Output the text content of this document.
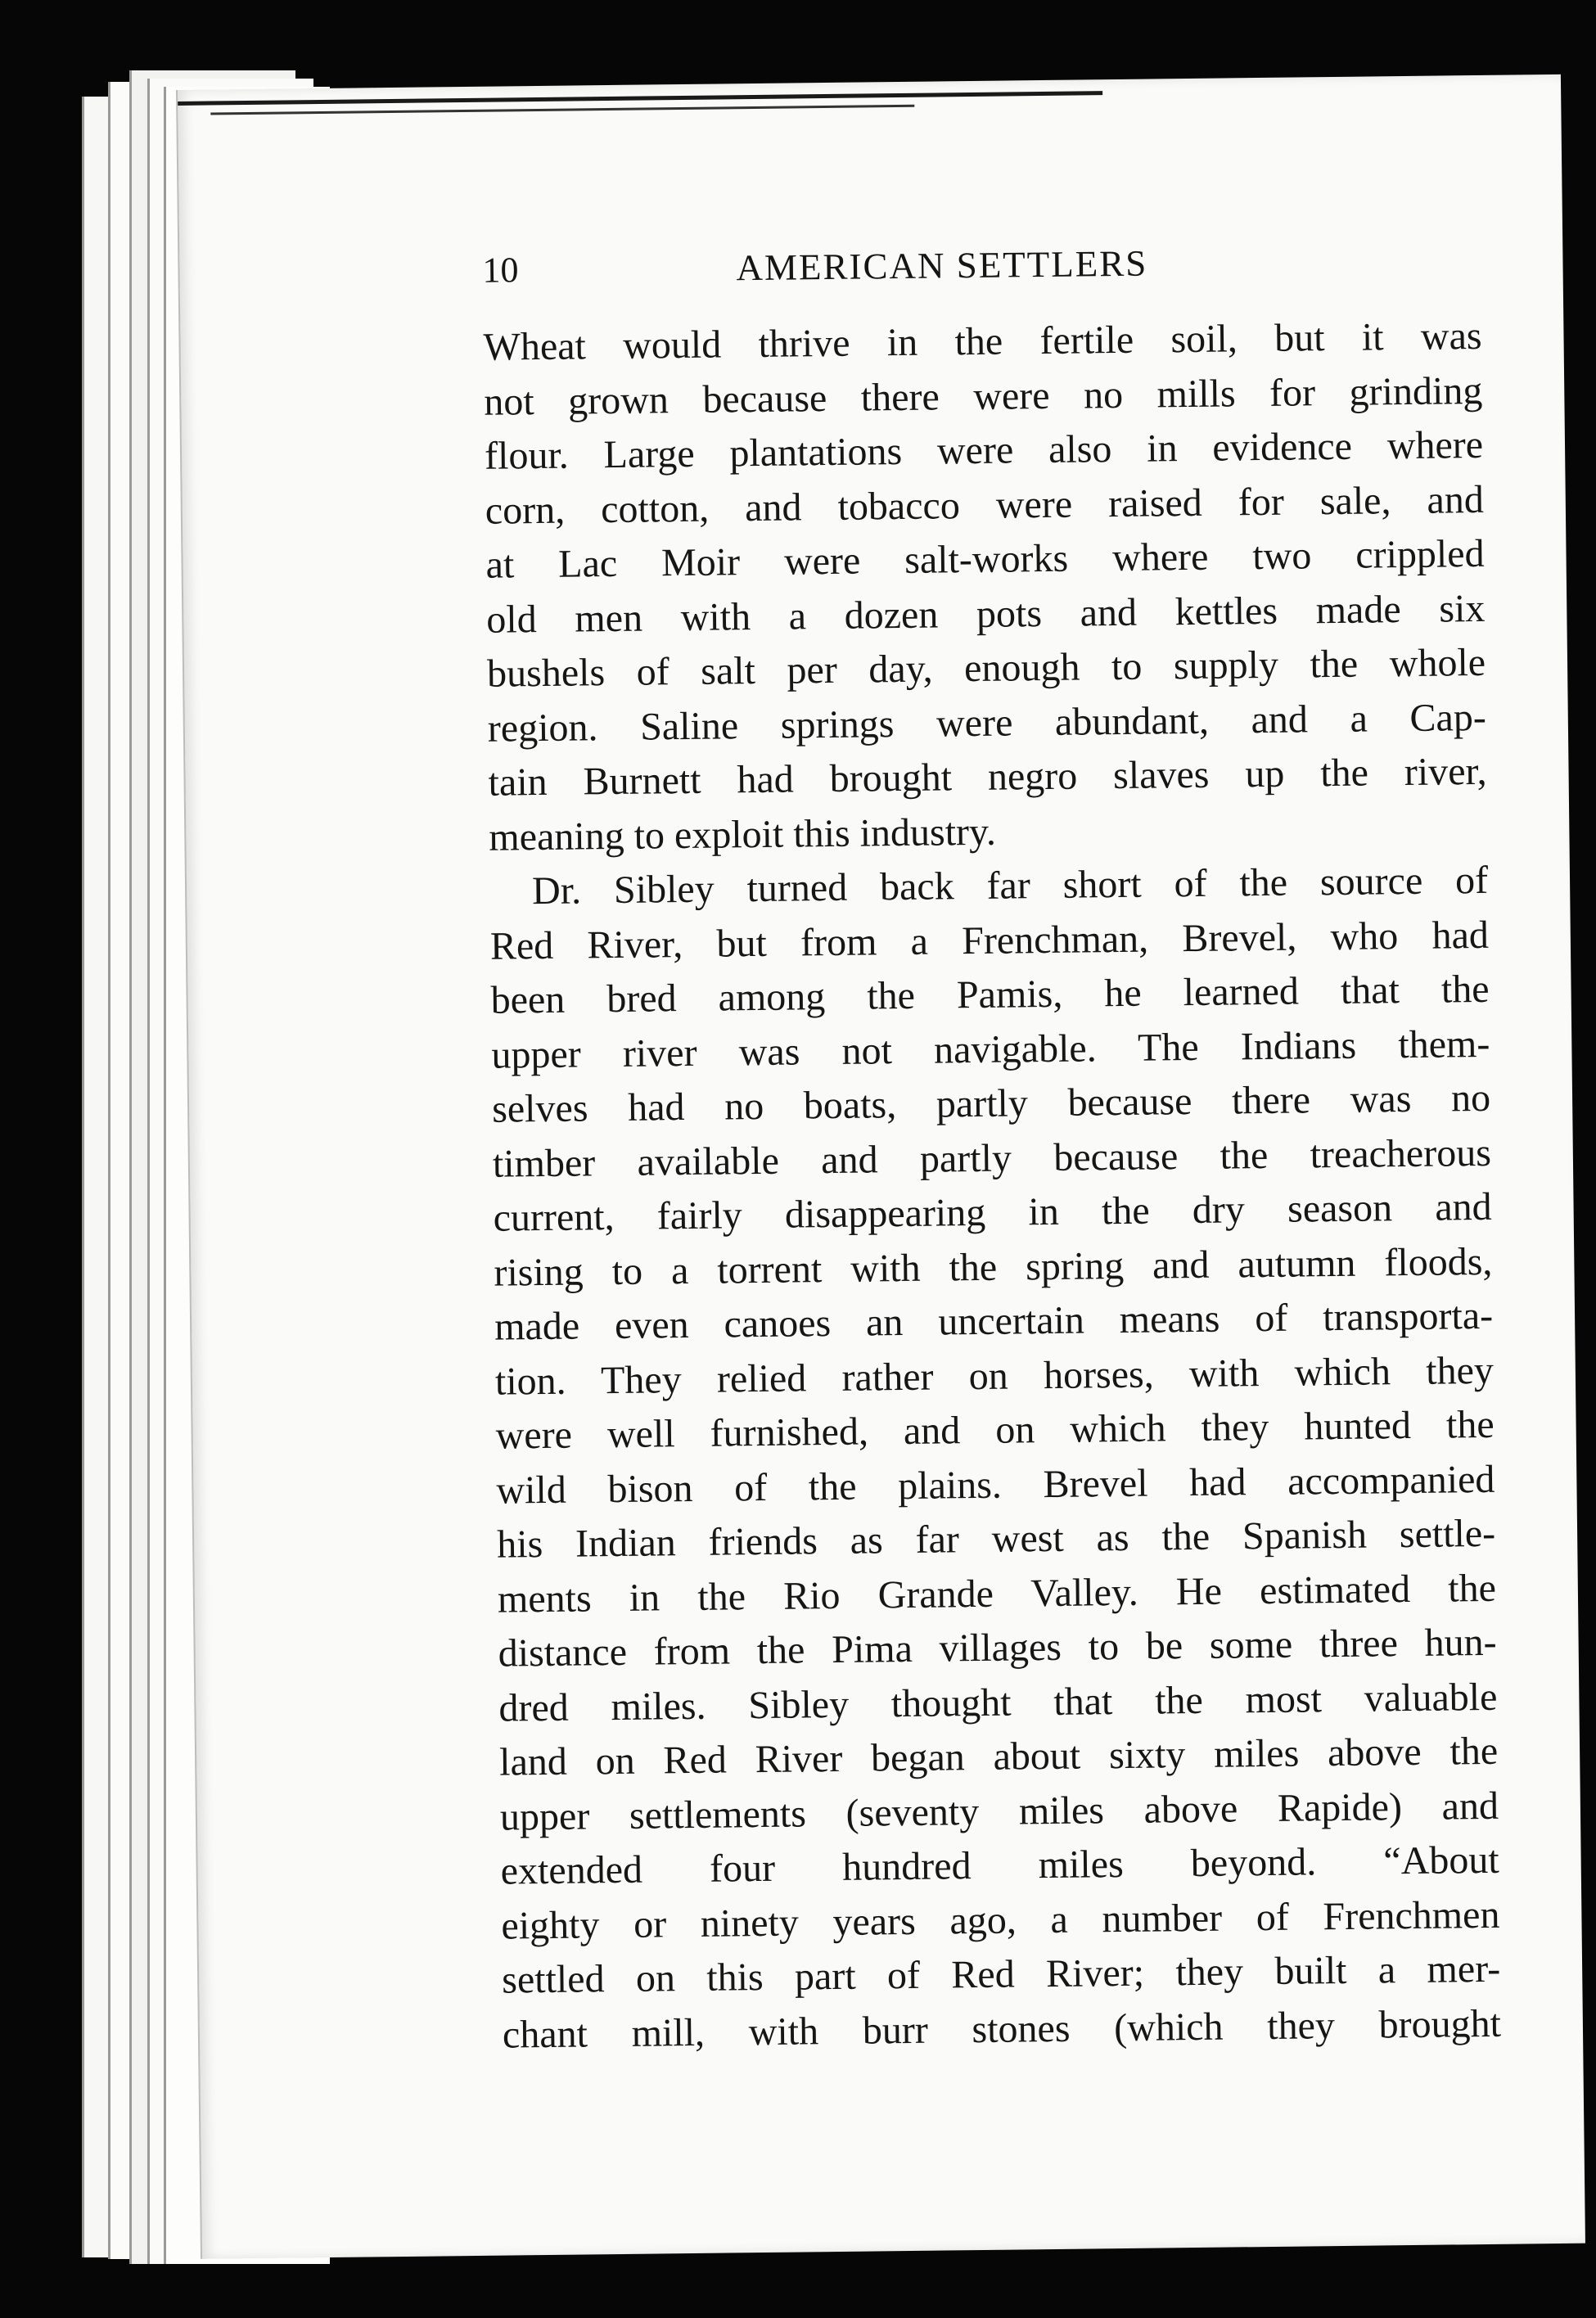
10	AMERICAN SETTLERS
Wheat would thrive in the fertile soil, but it was
not grown because there were no mills for grinding
flour. Large plantations were also in evidence where
corn, cotton, and tobacco were raised for sale, and
at Lac Moir were salt-works where two crippled
old men with a dozen pots and kettles made six
bushels of salt per day, enough to supply the whole
region. Saline springs were abundant, and a Cap-
tain Burnett had brought negro slaves up the river,
meaning to exploit this industry.
Dr. Sibley turned back far short of the source of
Red River, but from a Frenchman, Brevel, who had
been bred among the Pamis, he learned that the
upper river was not navigable. The Indians them-
selves had no boats, partly because there was no
timber available and partly because the treacherous
current, fairly disappearing in the dry season and
rising to a torrent with the spring and autumn floods,
made even canoes an uncertain means of transporta-
tion. They relied rather on horses, with which they
were well furnished, and on which they hunted the
wild bison of the plains. Brevel had accompanied
his Indian friends as far west as the Spanish settle-
ments in the Rio Grande Valley. He estimated the
distance from the Pima villages to be some three hun-
dred miles. Sibley thought that the most valuable
land on Red River began about sixty miles above the
upper settlements (seventy miles above Rapide) and
extended four hundred miles beyond. “About
eighty or ninety years ago, a number of Frenchmen
settled on this part of Red River; they built a mer-
chant mill, with burr stones (which they brought
